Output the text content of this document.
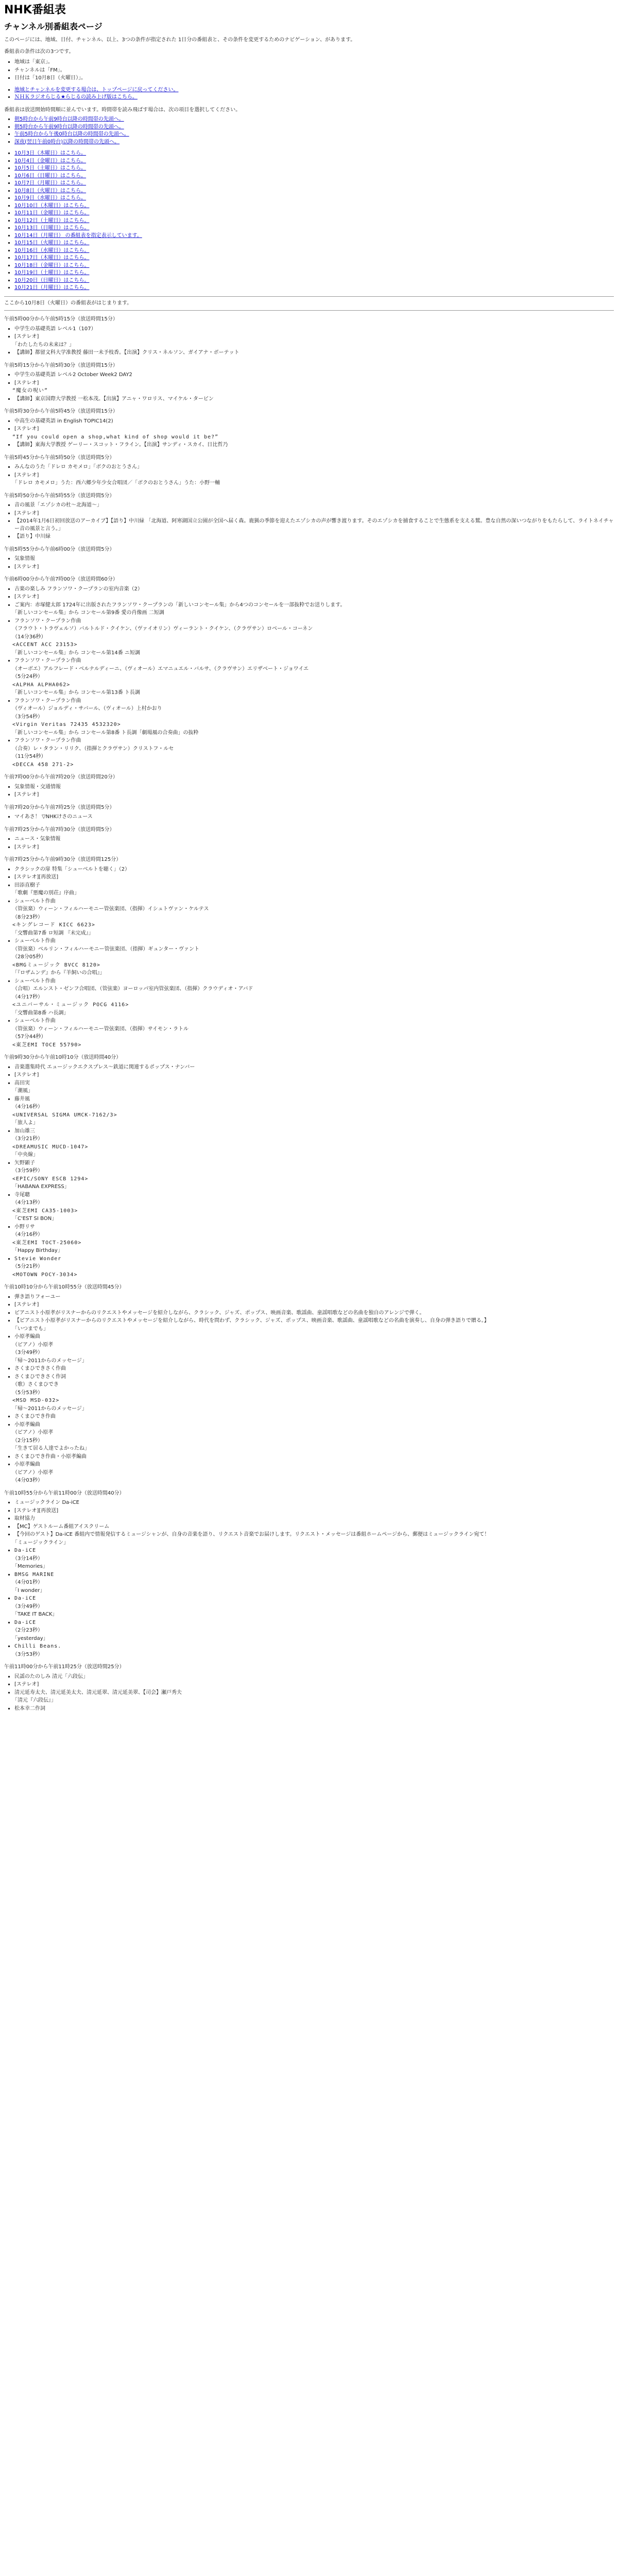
NHK番組表
チャンネル別番組表ページ

このページには、地域、日付、チャンネル、以上、3つの条件が指定された 1日分の番組表と、その条件を変更するためのナビゲーション、があります。

番組表の条件は次の3つです。
▪ 地域は「東京」。
▪ チャンネルは「FM」。
▪ 日付は「10月8日（火曜日）」。
▪ 地域とチャンネルを変更する場合は、トップページに戻ってください。
▪ ＮＨＫラジオらじる★らじるの読み上げ版はこちら。
番組表は放送開始時間順に並んでいます。時間帯を読み飛ばす場合は、次の項目を選択してください。
▪ 朝5時台から午前9時台以降の時間帯の先頭へ。
▪ 朝5時台から午前9時台以降の時間帯の先頭へ。
▪ 午前5時台から午後0時台以降の時間帯の先頭へ。
▪ 深夜(翌日午前0時台)以降の時間帯の先頭へ。
▪ 10月3日（木曜日）はこちら。
▪ 10月4日（金曜日）はこちら。
▪ 10月5日（土曜日）はこちら。
▪ 10月6日（日曜日）はこちら。
▪ 10月7日（月曜日）はこちら。
▪ 10月8日（火曜日）はこちら。
▪ 10月9日（水曜日）はこちら。
▪ 10月10日（木曜日）はこちら。
▪ 10月11日（金曜日）はこちら。
▪ 10月12日（土曜日）はこちら。
▪ 10月13日（日曜日）はこちら。
▪ 10月14日（月曜日） の番組表を指定表示しています。
▪ 10月15日（火曜日）はこちら。
▪ 10月16日（水曜日）はこちら。
▪ 10月17日（木曜日）はこちら。
▪ 10月18日（金曜日）はこちら。
▪ 10月19日（土曜日）はこちら。
▪ 10月20日（日曜日）はこちら。
▪ 10月21日（月曜日）はこちら。
ここから10月8日（火曜日）の番組表がはじまります。
午前5時00分から午前5時15分（放送時間15分）
▪ 中学生の基礎英語 レベル1（107）
▪ [ステレオ]
「わたしたちの未来は？」
▪ 【講師】都留文科大学准教授 藤田一未予枝香。【出演】クリス・ネルソン、ガイアナ・ボーテット
午前5時15分から午前5時30分（放送時間15分）
▪ 中学生の基礎英語 レベル2 October Week2 DAY2
▪ [ステレオ]
“魔女の呪い”
▪ 【講師】東京国際大学教授 一松本茂。【出演】アニャ・ワロリス、マイケル・タービン
午前5時30分から午前5時45分（放送時間15分）
▪ 中高生の基礎英語 in English TOPIC14(2)
▪ [ステレオ]
“If you could open a shop,what kind of shop would it be?”
▪ 【講師】東海大学教授 ゲーリー・スコット・フライン。【出演】サンディ・スカイ、日比哲乃
午前5時45分から午前5時50分（放送時間5分）
▪ みんなのうた「ドレロ カモメロ」「ボクのおとうさん」
▪ [ステレオ]
「ドレロ カモメロ」うた：西六郷少年少女合唱団／「ボクのおとうさん」うた：小野一輔
午前5時50分から午前5時55分（放送時間5分）
▪ 音の風景「エゾシカの杜〜北海道〜」
▪ [ステレオ]
▪ 【2014年1月6日初回放送のアーカイブ】【語り】中川緑 「北海道、阿寒湖国立公園が全国へ届く森。鹿猟の季節を迎えたエゾシカの声が響き渡ります。そのエゾシカを捕食することで生態系を支える鷲。豊な自然の深いつながりをもたらして、ライトネイチャー音の風景と言う。」
▪ 【語り】中川緑
午前5時55分から午前6時00分（放送時間5分）
▪ 気象情報
▪ [ステレオ]
午前6時00分から午前7時00分（放送時間60分）
▪ 古楽の楽しみ フランソワ・クープランの室内音楽（2）
▪ [ステレオ]
▪ ご案内：赤塚健太郎 1724年に出版されたフランソワ・クープランの「新しいコンセール集」から4つのコンセールを一部抜粋でお送りします。
「新しいコンセール集」から コンセール第9番 愛の肖像画 二短調
▪ フランソワ・クープラン作曲
（フラウト・トラヴェルソ）バルトルド・クイケン、（ヴァイオリン）ヴィーラント・クイケン、（クラヴサン）ロベール・コーネン
（14分36秒）
<ACCENT ACC 23153>
「新しいコンセール集」から コンセール第14番 ニ短調
▪ フランソワ・クープラン作曲
（オーボエ）アルフレード・ベルナルディーニ、（ヴィオール）エマニュエル・バルサ、（クラヴサン）エリザベート・ジョワイエ
（5分24秒）
<ALPHA ALPHA062>
「新しいコンセール集」から コンセール第13番 ト長調
▪ フランソワ・クープラン作曲
（ヴィオール）ジョルディ・サバール、（ヴィオール）上村かおり
（3分54秒）
<Virgin Veritas 72435 4532320>
「新しいコンセール集」から コンセール第8番 ト長調「劇場風の合奏曲」の抜粋
▪ フランソワ・クープラン作曲
（合奏）レ・タラン・リリク、（指揮とクラヴサン）クリストフ・ルセ
（11分54秒）
<DECCA 458 271-2>
午前7時00分から午前7時20分（放送時間20分）
▪ 気象情報・交通情報
▪ [ステレオ]
午前7時20分から午前7時25分（放送時間5分）
▪ マイあさ！ ▽NHKけさのニュース
午前7時25分から午前7時30分（放送時間5分）
▪ ニュース・気象情報
▪ [ステレオ]
午前7時25分から午前9時30分（放送時間125分）
▪ クラシックの扉 特集「シューベルトを聴く」（2）
▪ [ステレオ][再放送]
▪ 田添直樹子
「歌劇『悪魔の別荘』序曲」
▪ シューベルト作曲
（管弦楽）ウィーン・フィルハーモニー管弦楽団、（指揮）イシュトヴァン・ケルテス
（8分23秒）
<キングレコード KICC 6623>
「交響曲第7番 ロ短調 『未完成』」
▪ シューベルト作曲
（管弦楽）ベルリン・フィルハーモニー管弦楽団、（指揮）ギュンター・ヴァント
（28分05秒）
<BMGミュージック BVCC 8120>
「『ロザムンデ』から『羊飼いの合唱』」
▪ シューベルト作曲
（合唱）エルンスト・ゼンフ合唱団、（管弦楽）ヨーロッパ室内管弦楽団、（指揮）クラウディオ・アバド
（4分17秒）
<ユニバーサル・ミュージック POCG 4116>
「交響曲第8番 ハ長調」
▪ シューベルト作曲
（管弦楽）ウィーン・フィルハーモニー管弦楽団、（指揮）サイモン・ラトル
（57分44秒）
<東芝EMI TOCE 55790>
午前9時30分から午前10時10分（放送時間40分）
▪ 音楽選集時代 エュージックエクスプレス～鉄道に関連するポップス・ナンバー
▪ [ステレオ]
▪ 高田実
「潮風」
▪ 藤井風
（4分16秒）
<UNIVERSAL SIGMA UMCK-7162/3>
「旅人よ」
▪ 加山雄三
（3分21秒）
<DREAMUSIC MUCD-1047>
「中央線」
▪ 矢野顕子
（3分59秒）
<EPIC/SONY ESCB 1294>
「HABANA EXPRESS」
▪ 寺尾聰
（4分13秒）
<東芝EMI CA35-1003>
「C'EST SI BON」
▪ 小野リサ
（4分16秒）
<東芝EMI TOCT-25060>
「Happy Birthday」
▪ Stevie Wonder
（5分21秒）
<MOTOWN POCY-3034>
午前10時10分から午前10時55分（放送時間45分）
▪ 弾き語りフォーユー
▪ [ステレオ]
▪ ピアニスト小原孝がリスナーからのリクエストやメッセージを紹介しながら、クラシック、ジャズ、ポップス、映画音楽、歌謡曲、童謡唱歌などの名曲を独自のアレンジで弾く。
▪ 【ピアニスト小原孝がリスナーからのリクエストやメッセージを紹介しながら、時代を問わず、クラシック、ジャズ、ポップス、映画音楽、歌謡曲、童謡唱歌などの名曲を演奏し、自身の弾き語りで贈る。】
「いつまでも」
▪ 小原孝編曲
（ピアノ）小原孝
（3分49秒）
「帰〜2011からのメッセージ」
▪ さくまひできさく作曲
▪ さくまひできさく作詞
（歌）さくまひでき
（5分53秒）
<MSD MSD-032>
「帰〜2011からのメッセージ」
▪ さくまひでき作曲
▪ 小原孝編曲
（ピアノ）小原孝
（2分15秒）
「生きて居る人達でよかったね」
▪ さくまひでき作曲・小原孝編曲
▪ 小原孝編曲
（ピアノ）小原孝
（4分03秒）
午前10時55分から午前11時00分（放送時間40分）
▪ ミュージックライン Da-iCE
▪ [ステレオ][再放送]
▪ 取材協力
▪ 【MC】ゲストルーム番組アイスクリーム
▪ 【今回のゲスト】Da-iCE 番組内で情報発信するミュージシャンが、自身の音楽を語り、リクエスト音楽でお届けします。リクエスト・メッセージは番組ホームページから、郵便はミュージックライン宛て！
「ミュージックライン」
▪ Da-iCE
（3分14秒）
「Memories」
▪ BMSG MARINE
（4分01秒）
「I wonder」
▪ Da-iCE
（3分49秒）
「TAKE IT BACK」
▪ Da-iCE
（2分23秒）
「yesterday」
▪ Chilli Beans.
（3分53秒）
午前11時00分から午前11時25分（放送時間25分）
▪ 民謡のたのしみ 清元「六段伝」
▪ [ステレオ]
▪ 清元延寿太夫、清元延美太夫、清元延翠、清元延美翠、【司会】瀬戸秀夫
「清元『六段伝』」
▪ 松本幸二作詞
